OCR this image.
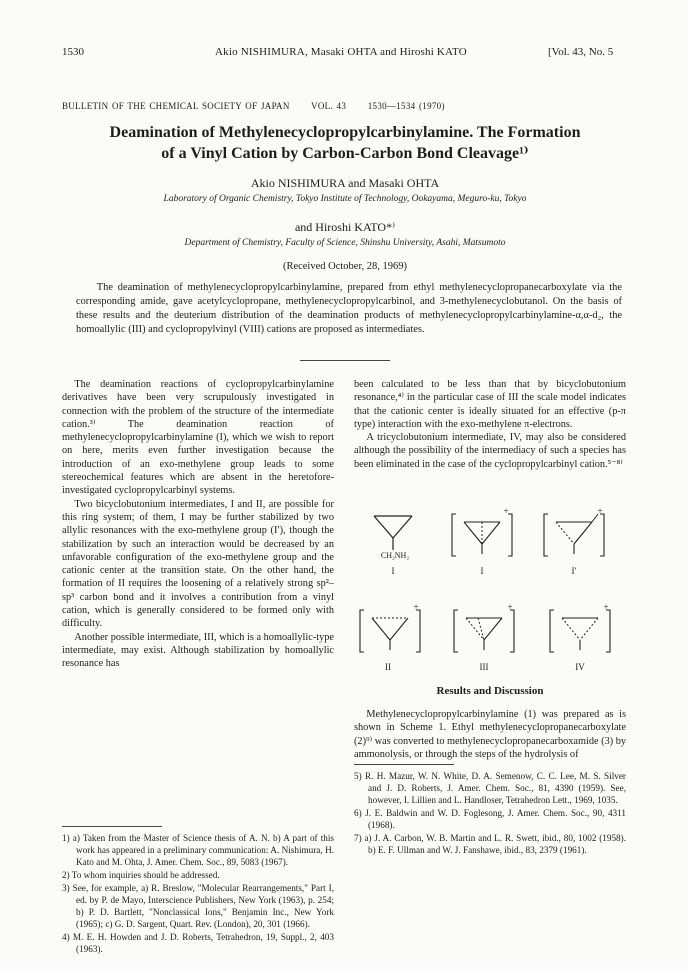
1530	Akio NISHIMURA, Masaki OHTA and Hiroshi KATO	[Vol. 43, No. 5
BULLETIN OF THE CHEMICAL SOCIETY OF JAPAN VOL. 43 1530—1534 (1970)

Deamination of Methylenecyclopropylcarbinylamine. The Formation

of a Vinyl Cation by Carbon-Carbon Bond Cleavage¹⁾

Akio NISHIMURA and Masaki OHTA
Laboratory of Organic Chemistry, Tokyo Institute of Technology, Ookayama, Meguro-ku, Tokyo
and Hiroshi KATO*⁾
Department of Chemistry, Faculty of Science, Shinshu University, Asahi, Matsumoto
(Received October, 28, 1969)
The deamination of methylenecyclopropylcarbinylamine, prepared from ethyl methylenecyclopropanecarboxylate via the corresponding amide, gave acetylcyclopropane, methylenecyclopropylcarbinol, and 3-methylenecyclobutanol. On the basis of these results and the deuterium distribution of the deamination products of methylenecyclopropylcarbinylamine-α,α-d₂, the homoallylic (III) and cyclopropylvinyl (VIII) cations are proposed as intermediates.

The deamination reactions of cyclopropylcarbinylamine derivatives have been very scrupulously investigated in connection with the problem of the structure of the intermediate cation.³⁾ The deamination reaction of methylenecyclopropylcarbinylamine (I), which we wish to report on here, merits even further investigation because the introduction of an exo-methylene group leads to some stereochemical features which are absent in the heretofore-investigated cyclopropylcarbinyl systems.

Two bicyclobutonium intermediates, I and II, are possible for this ring system; of them, I may be further stabilized by two allylic resonances with the exo-methylene group (I′), though the stabilization by such an interaction would be decreased by an unfavorable configuration of the exo-methylene group and the cationic center at the transition state. On the other hand, the formation of II requires the loosening of a relatively strong sp²–sp³ carbon bond and it involves a contribution from a vinyl cation, which is generally considered to be formed only with difficulty.

Another possible intermediate, III, which is a homoallylic-type intermediate, may exist. Although stabilization by homoallylic resonance has

1) a) Taken from the Master of Science thesis of A. N. b) A part of this work has appeared in a preliminary communication: A. Nishimura, H. Kato and M. Ohta, J. Amer. Chem. Soc., 89, 5083 (1967).

2) To whom inquiries should be addressed.

3) See, for example, a) R. Breslow, "Molecular Rearrangements," Part I, ed. by P. de Mayo, Interscience Publishers, New York (1963), p. 254; b) P. D. Bartlett, "Nonclassical Ions," Benjamin Inc., New York (1965); c) G. D. Sargent, Quart. Rev. (London), 20, 301 (1966).

4) M. E. H. Howden and J. D. Roberts, Tetrahedron, 19, Suppl., 2, 403 (1963).

been calculated to be less than that by bicyclobutonium resonance,⁴⁾ in the particular case of III the scale model indicates that the cationic center is ideally situated for an effective (p-π type) interaction with the exo-methylene π-electrons.

A tricyclobutonium intermediate, IV, may also be considered although the possibility of the intermediacy of such a species has been eliminated in the case of the cyclopropylcarbinyl cation.⁵⁻⁸⁾

CH₂NH₂
+	+
I	I	I′
+	+	+
II	III	IV
Results and Discussion

Methylenecyclopropylcarbinylamine (1) was prepared as is shown in Scheme 1. Ethyl methylenecyclopropanecarboxylate (2)⁹⁾ was converted to methylenecyclopropanecarboxamide (3) by ammonolysis, or through the steps of the hydrolysis of

5) R. H. Mazur, W. N. White, D. A. Semenow, C. C. Lee, M. S. Silver and J. D. Roberts, J. Amer. Chem. Soc., 81, 4390 (1959). See, however, I. Lillien and L. Handloser, Tetrahedron Lett., 1969, 1035.

6) J. E. Baldwin and W. D. Foglesong, J. Amer. Chem. Soc., 90, 4311 (1968).

7) a) J. A. Carbon, W. B. Martin and L. R. Swett, ibid., 80, 1002 (1958). b) E. F. Ullman and W. J. Fanshawe, ibid., 83, 2379 (1961).
